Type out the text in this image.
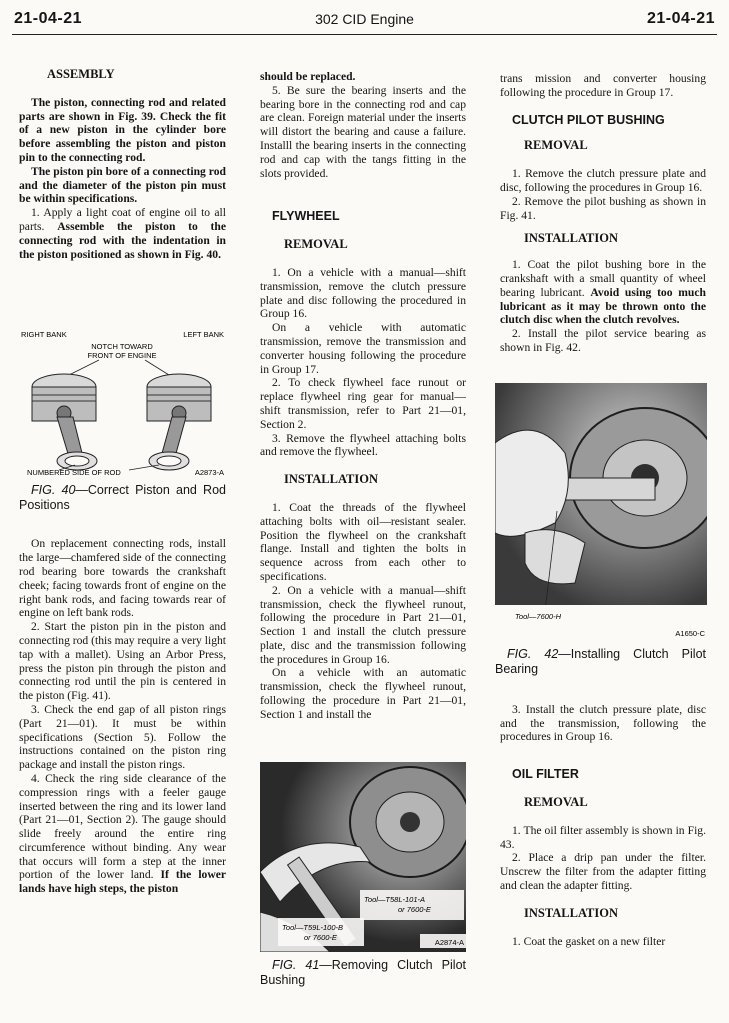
21-04-21	302 CID Engine	21-04-21

ASSEMBLY

The piston, connecting rod and related parts are shown in Fig. 39. Check the fit of a new piston in the cylinder bore before assembling the piston and piston pin to the connecting rod.

The piston pin bore of a connecting rod and the diameter of the piston pin must be within specifications.

1. Apply a light coat of engine oil to all parts. Assemble the piston to the connecting rod with the indentation in the piston positioned as shown in Fig. 40.

RIGHT BANK	LEFT BANK
NOTCH TOWARD
FRONT OF ENGINE
NUMBERED SIDE OF ROD	A2873-A

FIG. 40—Correct Piston and Rod Positions

On replacement connecting rods, install the large—chamfered side of the connecting rod bearing bore towards the crankshaft cheek; facing towards front of engine on the right bank rods, and facing towards rear of engine on left bank rods.

2. Start the piston pin in the piston and connecting rod (this may require a very light tap with a mallet). Using an Arbor Press, press the piston pin through the piston and connecting rod until the pin is centered in the piston (Fig. 41).

3. Check the end gap of all piston rings (Part 21—01). It must be within specifications (Section 5). Follow the instructions contained on the piston ring package and install the piston rings.

4. Check the ring side clearance of the compression rings with a feeler gauge inserted between the ring and its lower land (Part 21—01, Section 2). The gauge should slide freely around the entire ring circumference without binding. Any wear that occurs will form a step at the inner portion of the lower land. If the lower lands have high steps, the piston

should be replaced.

5. Be sure the bearing inserts and the bearing bore in the connecting rod and cap are clean. Foreign material under the inserts will distort the bearing and cause a failure. Installl the bearing inserts in the connecting rod and cap with the tangs fitting in the slots provided.

FLYWHEEL

REMOVAL

1. On a vehicle with a manual—shift transmission, remove the clutch pressure plate and disc following the procedured in Group 16.

On a vehicle with automatic transmission, remove the transmission and converter housing following the procedure in Group 17.

2. To check flywheel face runout or replace flywheel ring gear for manual—shift transmission, refer to Part 21—01, Section 2.

3. Remove the flywheel attaching bolts and remove the flywheel.

INSTALLATION

1. Coat the threads of the flywheel attaching bolts with oil—resistant sealer. Position the flywheel on the crankshaft flange. Install and tighten the bolts in sequence across from each other to specifications.

2. On a vehicle with a manual—shift transmission, check the flywheel runout, following the procedure in Part 21—01, Section 1 and install the clutch pressure plate, disc and the transmission following the procedures in Group 16.

On a vehicle with an automatic transmission, check the flywheel runout, following the procedure in Part 21—01, Section 1 and install the

Tool—T58L-101-A
or 7600-E
Tool—T59L-100-B
or 7600-E
A2874-A

FIG. 41—Removing Clutch Pilot Bushing

trans mission and converter housing following the procedure in Group 17.

CLUTCH PILOT BUSHING

REMOVAL

1. Remove the clutch pressure plate and disc, following the procedures in Group 16.

2. Remove the pilot bushing as shown in Fig. 41.

INSTALLATION

1. Coat the pilot bushing bore in the crankshaft with a small quantity of wheel bearing lubricant. Avoid using too much lubricant as it may be thrown onto the clutch disc when the clutch revolves.

2. Install the pilot service bearing as shown in Fig. 42.

Tool—7600-H
A1650-C

FIG. 42—Installing Clutch Pilot Bearing

3. Install the clutch pressure plate, disc and the transmission, following the procedures in Group 16.

OIL FILTER

REMOVAL

1. The oil filter assembly is shown in Fig. 43.

2. Place a drip pan under the filter. Unscrew the filter from the adapter fitting and clean the adapter fitting.

INSTALLATION

1. Coat the gasket on a new filter
